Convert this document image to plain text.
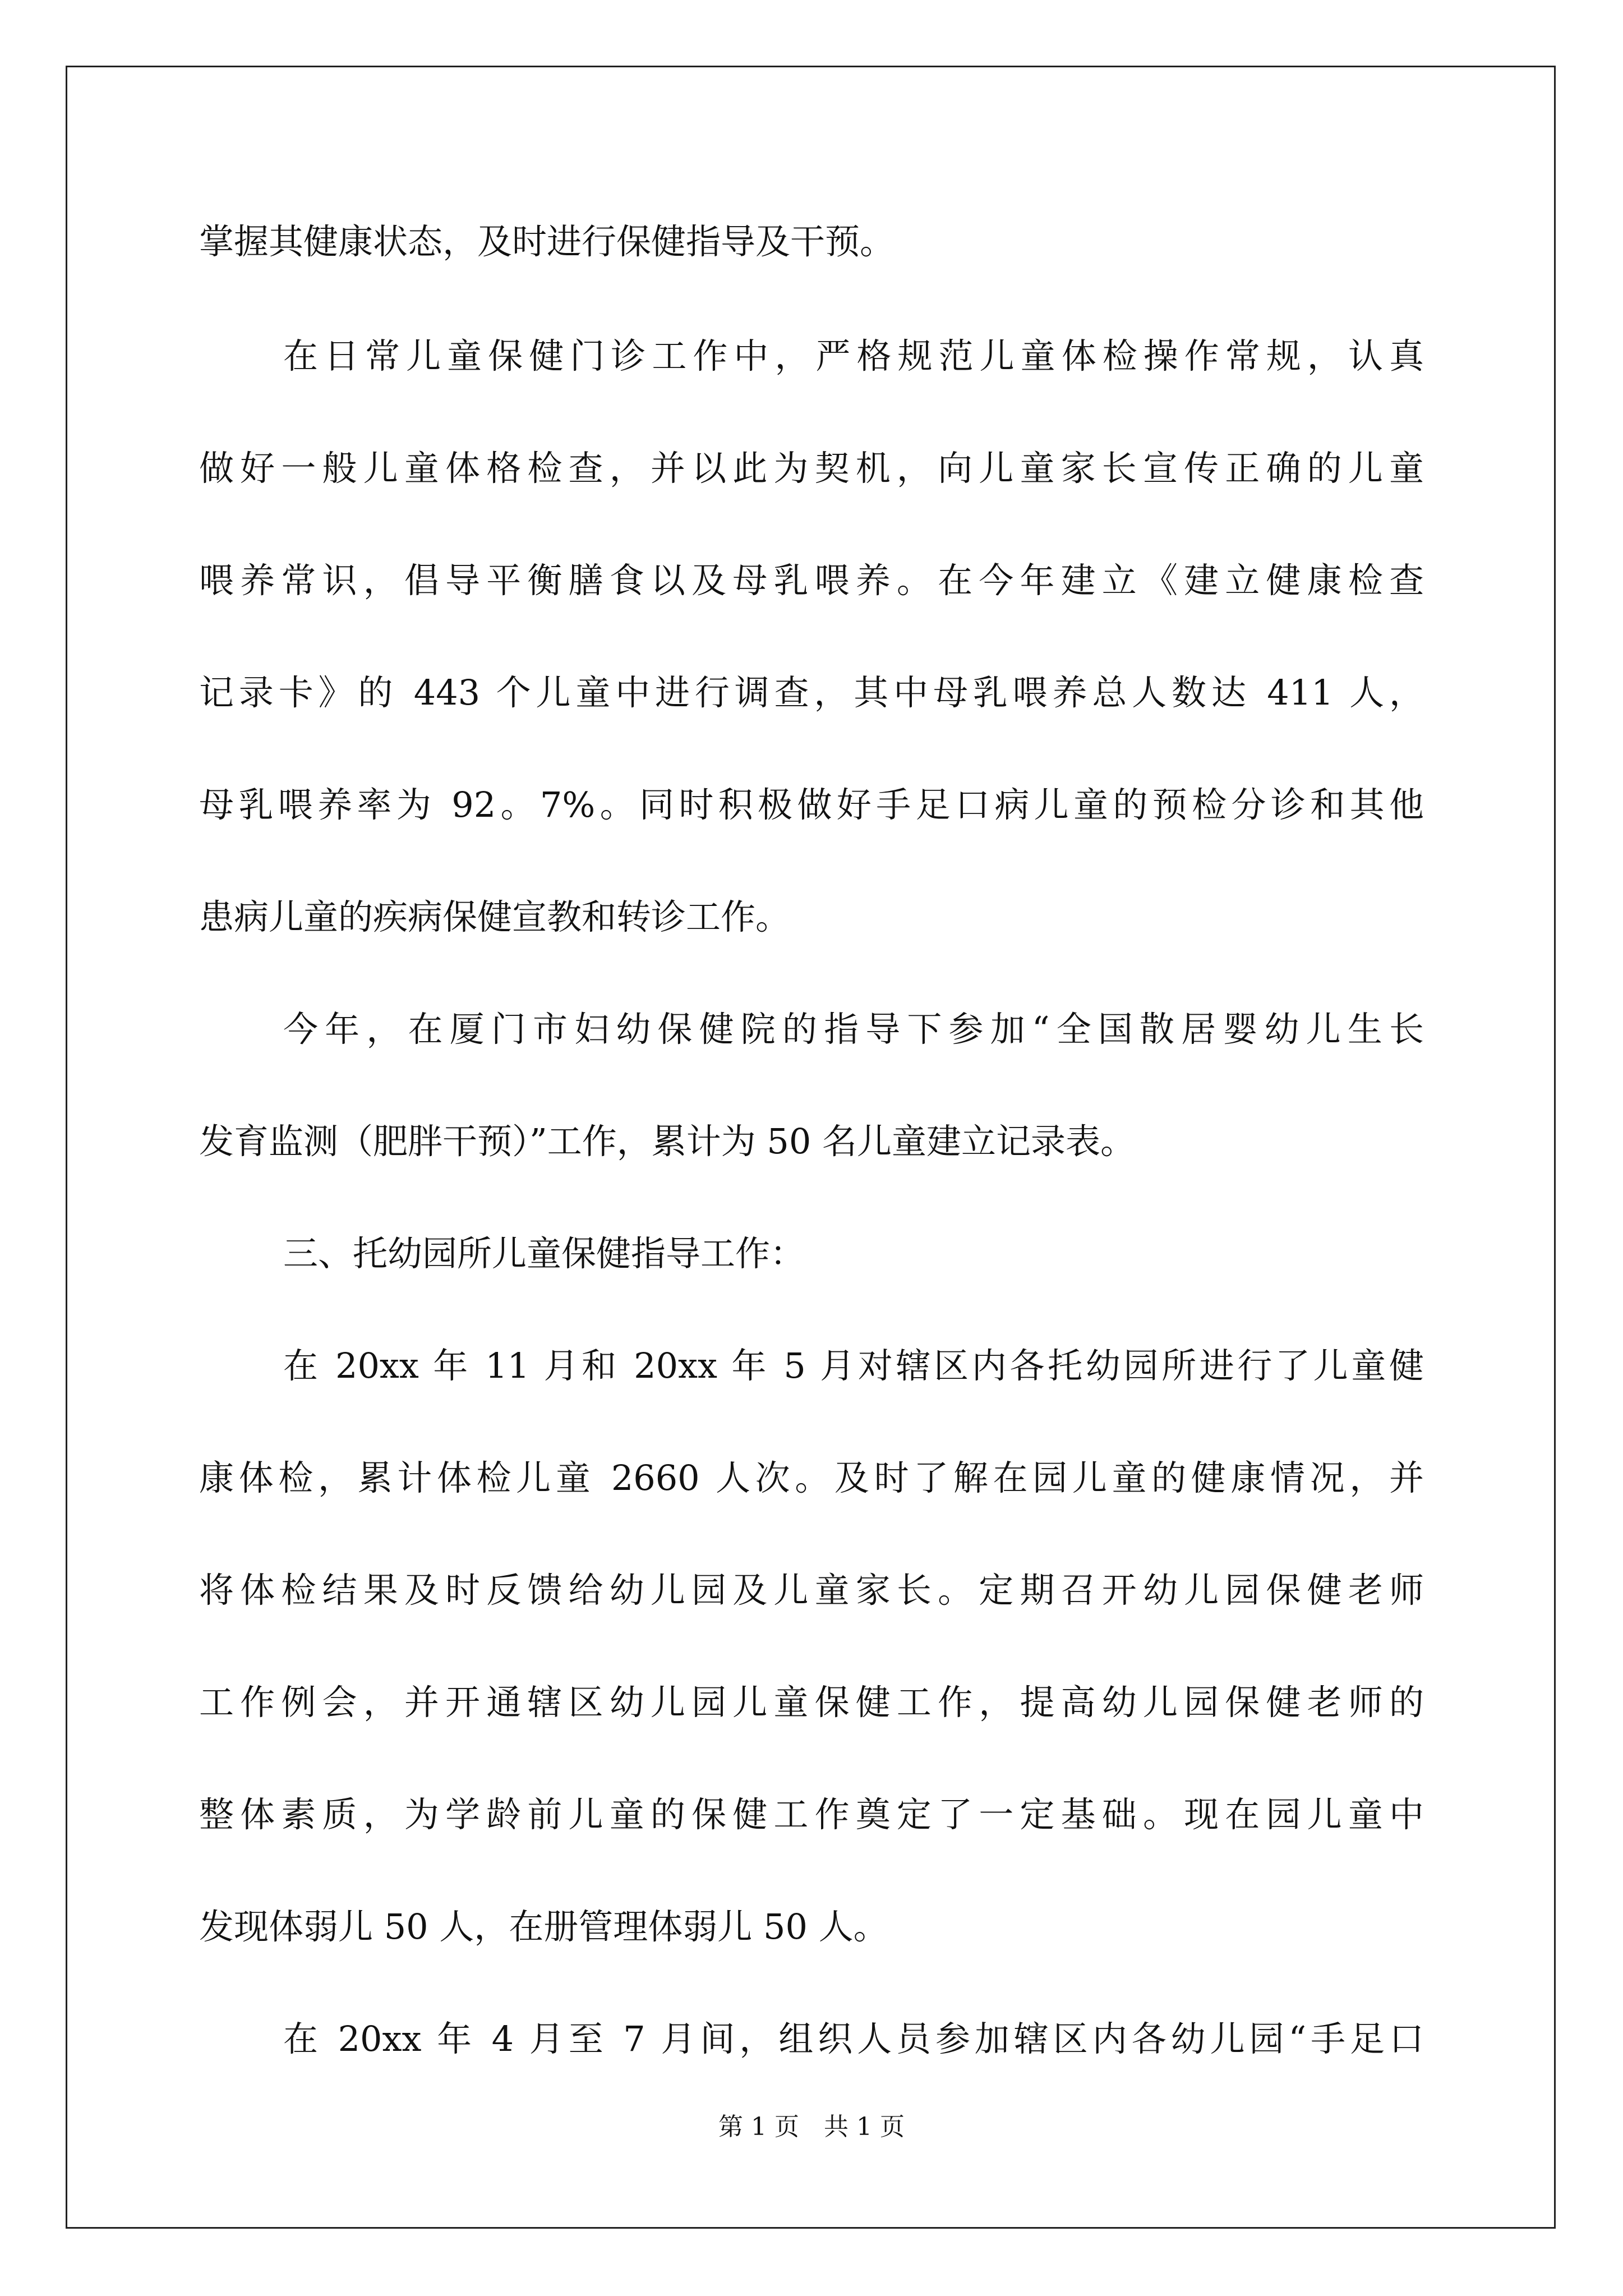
掌握其健康状态，及时进行保健指导及干预。

在日常儿童保健门诊工作中，严格规范儿童体检操作常规，认真

做好一般儿童体格检查，并以此为契机，向儿童家长宣传正确的儿童

喂养常识，倡导平衡膳食以及母乳喂养。在今年建立《建立健康检查

记录卡》的 443 个儿童中进行调查，其中母乳喂养总人数达 411 人，

母乳喂养率为 92。7%。同时积极做好手足口病儿童的预检分诊和其他

患病儿童的疾病保健宣教和转诊工作。

今年，在厦门市妇幼保健院的指导下参加“全国散居婴幼儿生长

发育监测（肥胖干预）”工作，累计为 50 名儿童建立记录表。

三、托幼园所儿童保健指导工作：

在 20xx 年 11 月和 20xx 年 5 月对辖区内各托幼园所进行了儿童健

康体检，累计体检儿童 2660 人次。及时了解在园儿童的健康情况，并

将体检结果及时反馈给幼儿园及儿童家长。定期召开幼儿园保健老师

工作例会，并开通辖区幼儿园儿童保健工作，提高幼儿园保健老师的

整体素质，为学龄前儿童的保健工作奠定了一定基础。现在园儿童中

发现体弱儿 50 人，在册管理体弱儿 50 人。

在 20xx 年 4 月至 7 月间，组织人员参加辖区内各幼儿园“手足口

第 1 页　共 1 页
